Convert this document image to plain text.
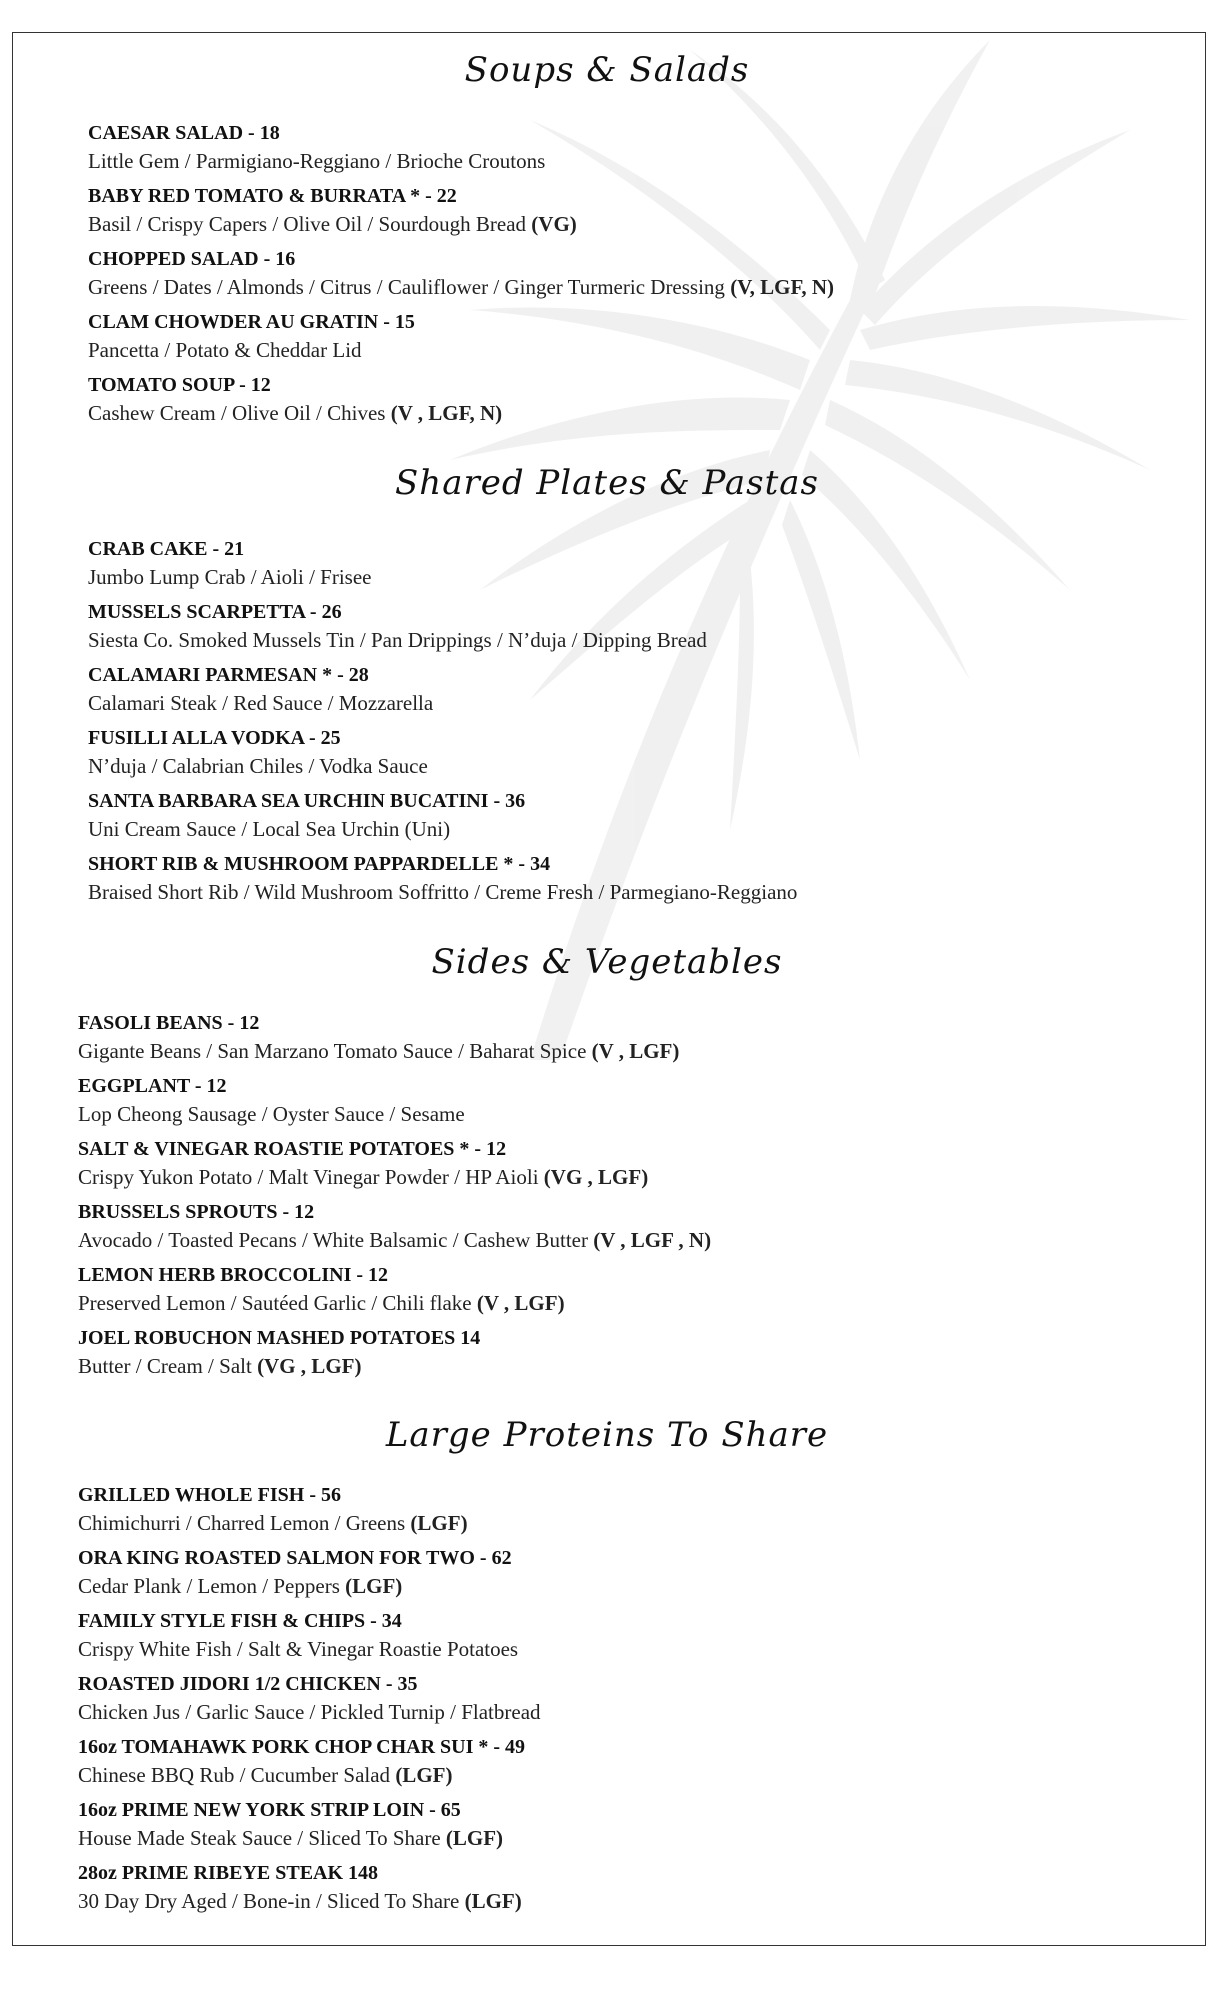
Soups & Salads
CAESAR SALAD - 18
Little Gem / Parmigiano-Reggiano / Brioche Croutons
BABY RED TOMATO & BURRATA * - 22
Basil / Crispy Capers / Olive Oil / Sourdough Bread (VG)
CHOPPED SALAD - 16
Greens / Dates / Almonds / Citrus / Cauliflower / Ginger Turmeric Dressing (V, LGF, N)
CLAM CHOWDER AU GRATIN - 15
Pancetta / Potato & Cheddar Lid
TOMATO SOUP - 12
Cashew Cream / Olive Oil / Chives (V , LGF, N)
Shared Plates & Pastas
CRAB CAKE - 21
Jumbo Lump Crab / Aioli / Frisee
MUSSELS SCARPETTA - 26
Siesta Co. Smoked Mussels Tin / Pan Drippings / N’duja / Dipping Bread
CALAMARI PARMESAN * - 28
Calamari Steak / Red Sauce / Mozzarella
FUSILLI ALLA VODKA - 25
N’duja / Calabrian Chiles / Vodka Sauce
SANTA BARBARA SEA URCHIN BUCATINI - 36
Uni Cream Sauce / Local Sea Urchin (Uni)
SHORT RIB & MUSHROOM PAPPARDELLE * - 34
Braised Short Rib / Wild Mushroom Soffritto / Creme Fresh / Parmegiano-Reggiano
Sides & Vegetables
FASOLI BEANS - 12
Gigante Beans / San Marzano Tomato Sauce / Baharat Spice (V , LGF)
EGGPLANT - 12
Lop Cheong Sausage / Oyster Sauce / Sesame
SALT & VINEGAR ROASTIE POTATOES * - 12
Crispy Yukon Potato / Malt Vinegar Powder / HP Aioli (VG , LGF)
BRUSSELS SPROUTS - 12
Avocado / Toasted Pecans / White Balsamic / Cashew Butter (V , LGF , N)
LEMON HERB BROCCOLINI - 12
Preserved Lemon / Sautéed Garlic / Chili flake (V , LGF)
JOEL ROBUCHON MASHED POTATOES 14
Butter / Cream / Salt (VG , LGF)
Large Proteins To Share
GRILLED WHOLE FISH - 56
Chimichurri / Charred Lemon / Greens (LGF)
ORA KING ROASTED SALMON FOR TWO - 62
Cedar Plank / Lemon / Peppers (LGF)
FAMILY STYLE FISH & CHIPS - 34
Crispy White Fish / Salt & Vinegar Roastie Potatoes
ROASTED JIDORI 1/2 CHICKEN - 35
Chicken Jus / Garlic Sauce / Pickled Turnip / Flatbread
16oz TOMAHAWK PORK CHOP CHAR SUI * - 49
Chinese BBQ Rub / Cucumber Salad (LGF)
16oz PRIME NEW YORK STRIP LOIN - 65
House Made Steak Sauce / Sliced To Share (LGF)
28oz PRIME RIBEYE STEAK 148
30 Day Dry Aged / Bone-in / Sliced To Share (LGF)
